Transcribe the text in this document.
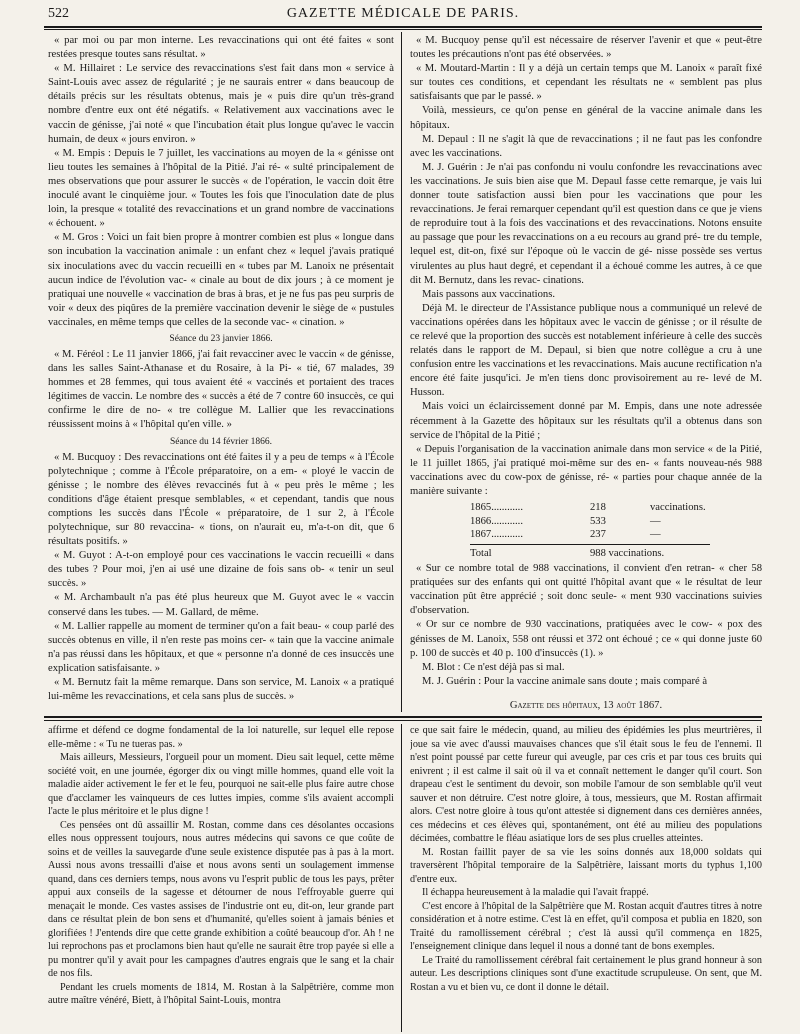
522	GAZETTE MÉDICALE DE PARIS.

« par moi ou par mon interne. Les revaccinations qui ont été faites « sont restées presque toutes sans résultat. »

« M. Hillairet : Le service des revaccinations s'est fait dans mon « service à Saint-Louis avec assez de régularité ; je ne saurais entrer « dans beaucoup de détails précis sur les résultats obtenus, mais je « puis dire qu'un très-grand nombre d'entre eux ont été négatifs. « Relativement aux vaccinations avec le vaccin de génisse, j'ai noté « que l'incubation était plus longue qu'avec le vaccin humain, de deux « jours environ. »

« M. Empis : Depuis le 7 juillet, les vaccinations au moyen de la « génisse ont lieu toutes les semaines à l'hôpital de la Pitié. J'ai ré- « sulté principalement de mes observations que pour assurer le succès « de l'opération, le vaccin doit être inoculé avant le cinquième jour. « Toutes les fois que l'inoculation date de plus loin, la presque « totalité des revaccinations et un grand nombre de vaccinations « échouent. »

« M. Gros : Voici un fait bien propre à montrer combien est plus « longue dans son incubation la vaccination animale : un enfant chez « lequel j'avais pratiqué six inoculations avec du vaccin recueilli en « tubes par M. Lanoix ne présentait aucun indice de l'évolution vac- « cinale au bout de dix jours ; à ce moment je pratiquai une nouvelle « vaccination de bras à bras, et je ne fus pas peu surpris de voir « deux des piqûres de la première vaccination devenir le siège de « pustules vaccinales, en même temps que celles de la seconde vac- « cination. »

Séance du 23 janvier 1866.

« M. Féréol : Le 11 janvier 1866, j'ai fait revacciner avec le vaccin « de génisse, dans les salles Saint-Athanase et du Rosaire, à la Pi- « tié, 67 malades, 39 hommes et 28 femmes, qui tous avaient été « vaccinés et portaient des traces légitimes de vaccin. Le nombre des « succès a été de 7 contre 60 insuccès, ce qui confirme le dire de no- « tre collègue M. Lallier que les revaccinations réussissent moins à « l'hôpital qu'en ville. »

Séance du 14 février 1866.

« M. Bucquoy : Des revaccinations ont été faites il y a peu de temps « à l'École polytechnique ; comme à l'École préparatoire, on a em- « ployé le vaccin de génisse ; le nombre des élèves revaccinés fut à « peu près le même ; les conditions d'âge étaient presque semblables, « et cependant, tandis que nous comptions les succès dans l'École « préparatoire, de 1 sur 2, à l'École polytechnique, sur 80 revaccina- « tions, on n'aurait eu, m'a-t-on dit, que 6 résultats positifs. »

« M. Guyot : A-t-on employé pour ces vaccinations le vaccin recueilli « dans des tubes ? Pour moi, j'en ai usé une dizaine de fois sans ob- « tenir un seul succès. »

« M. Archambault n'a pas été plus heureux que M. Guyot avec le « vaccin conservé dans les tubes. — M. Gallard, de même.

« M. Lallier rappelle au moment de terminer qu'on a fait beau- « coup parlé des succès obtenus en ville, il n'en reste pas moins cer- « tain que la vaccine animale n'a pas réussi dans les hôpitaux, et que « personne n'a donné de ces insuccès une explication satisfaisante. »

« M. Bernutz fait la même remarque. Dans son service, M. Lanoix « a pratiqué lui-même les revaccinations, et cela sans plus de succès. »

« M. Bucquoy pense qu'il est nécessaire de réserver l'avenir et que « peut-être toutes les précautions n'ont pas été observées. »

« M. Moutard-Martin : Il y a déjà un certain temps que M. Lanoix « paraît fixé sur toutes ces conditions, et cependant les résultats ne « semblent pas plus satisfaisants que par le passé. »

Voilà, messieurs, ce qu'on pense en général de la vaccine animale dans les hôpitaux.

M. Depaul : Il ne s'agit là que de revaccinations ; il ne faut pas les confondre avec les vaccinations.

M. J. Guérin : Je n'ai pas confondu ni voulu confondre les revaccinations avec les vaccinations. Je suis bien aise que M. Depaul fasse cette remarque, je vais lui donner toute satisfaction aussi bien pour les vaccinations que pour les revaccinations. Je ferai remarquer cependant qu'il est question dans ce que je viens de reproduire tout à la fois des vaccinations et des revaccinations. Notons ensuite au passage que pour les revaccinations on a eu recours au grand pré- tre du temple, lequel est, dit-on, fixé sur l'époque où le vaccin de gé- nisse possède ses vertus virulentes au plus haut degré, et cependant il a échoué comme les autres, à ce que dit M. Bernutz, dans les revac- cinations.

Mais passons aux vaccinations.

Déjà M. le directeur de l'Assistance publique nous a communiqué un relevé de vaccinations opérées dans les hôpitaux avec le vaccin de génisse ; or il résulte de ce relevé que la proportion des succès est notablement inférieure à celle des succès relatés dans le rapport de M. Depaul, si bien que notre collègue a cru à une confusion entre les vaccinations et les revaccinations. Mais aucune rectification n'a encore été faite jusqu'ici. Je m'en tiens donc provisoirement au re- levé de M. Husson.

Mais voici un éclaircissement donné par M. Empis, dans une note adressée récemment à la Gazette des hôpitaux sur les résultats qu'il a obtenus dans son service de l'hôpital de la Pitié ;

« Depuis l'organisation de la vaccination animale dans mon service « de la Pitié, le 11 juillet 1865, j'ai pratiqué moi-même sur des en- « fants nouveau-nés 988 vaccinations avec du cow-pox de génisse, ré- « parties pour chaque année de la manière suivante :

1865............	218	vaccinations.
1866............	533	—
1867............	237	—
Total	988 vaccinations.

« Sur ce nombre total de 988 vaccinations, il convient d'en retran- « cher 58 pratiquées sur des enfants qui ont quitté l'hôpital avant que « le résultat de leur vaccination pût être apprécié ; soit donc seule- « ment 930 vaccinations suivies d'observation.

« Or sur ce nombre de 930 vaccinations, pratiquées avec le cow- « pox des génisses de M. Lanoix, 558 ont réussi et 372 ont échoué ; ce « qui donne juste 60 p. 100 de succès et 40 p. 100 d'insuccès (1). »

M. Blot : Ce n'est déjà pas si mal.

M. J. Guérin : Pour la vaccine animale sans doute ; mais comparé à

Gazette des hôpitaux, 13 août 1867.

affirme et défend ce dogme fondamental de la loi naturelle, sur lequel elle repose elle-même : « Tu ne tueras pas. »

Mais ailleurs, Messieurs, l'orgueil pour un moment. Dieu sait lequel, cette même société voit, en une journée, égorger dix ou vingt mille hommes, quand elle voit la maladie aider activement le fer et le feu, pourquoi ne sait-elle plus faire autre chose que d'acclamer les vainqueurs de ces luttes impies, comme s'ils avaient accompli l'acte le plus méritoire et le plus digne !

Ces pensées ont dû assaillir M. Rostan, comme dans ces désolantes occasions elles nous oppressent toujours, nous autres médecins qui savons ce que coûte de soins et de veilles la sauvegarde d'une seule existence disputée pas à pas à la mort. Aussi nous avons tressailli d'aise et nous avons senti un soulagement immense quand, dans ces derniers temps, nous avons vu l'esprit public de tous les pays, prêter appui aux conseils de la sagesse et détourner de nous l'effroyable guerre qui menaçait le monde. Ces vastes assises de l'industrie ont eu, dit-on, leur grande part dans ce résultat plein de bon sens et d'humanité, qu'elles soient à jamais bénies et glorifiées ! J'entends dire que cette grande exhibition a coûté beaucoup d'or. Ah ! ne lui reprochons pas et proclamons bien haut qu'elle ne saurait être trop payée si elle a pu montrer qu'il y avait pour les campagnes d'autres engrais que le sang et la chair de nos fils.

Pendant les cruels moments de 1814, M. Rostan à la Salpêtrière, comme mon autre maître vénéré, Biett, à l'hôpital Saint-Louis, montra

ce que sait faire le médecin, quand, au milieu des épidémies les plus meurtrières, il joue sa vie avec d'aussi mauvaises chances que s'il était sous le feu de l'ennemi. Il n'est point poussé par cette fureur qui aveugle, par ces cris et par tous ces bruits qui enivrent ; il est calme il sait où il va et connaît nettement le danger qu'il court. Son drapeau c'est le sentiment du devoir, son mobile l'amour de son semblable qu'il veut sauver et non détruire. C'est notre gloire, à tous, messieurs, que M. Rostan affirmait alors. C'est notre gloire à tous qu'ont attestée si dignement dans ces dernières années, ces médecins et ces élèves qui, spontanément, ont été au milieu des populations décimées, combattre le fléau asiatique lors de ses plus cruelles atteintes.

M. Rostan faillit payer de sa vie les soins donnés aux 18,000 soldats qui traversèrent l'hôpital temporaire de la Salpêtrière, laissant morts du typhus 1,100 d'entre eux.

Il échappa heureusement à la maladie qui l'avait frappé.

C'est encore à l'hôpital de la Salpêtrière que M. Rostan acquit d'autres titres à notre considération et à notre estime. C'est là en effet, qu'il composa et publia en 1820, son Traité du ramollissement cérébral ; c'est là aussi qu'il commença en 1825, l'enseignement clinique dans lequel il nous a donné tant de bons exemples.

Le Traité du ramollissement cérébral fait certainement le plus grand honneur à son auteur. Les descriptions cliniques sont d'une exactitude scrupuleuse. On sent, que M. Rostan a vu et bien vu, ce dont il donne le détail.
